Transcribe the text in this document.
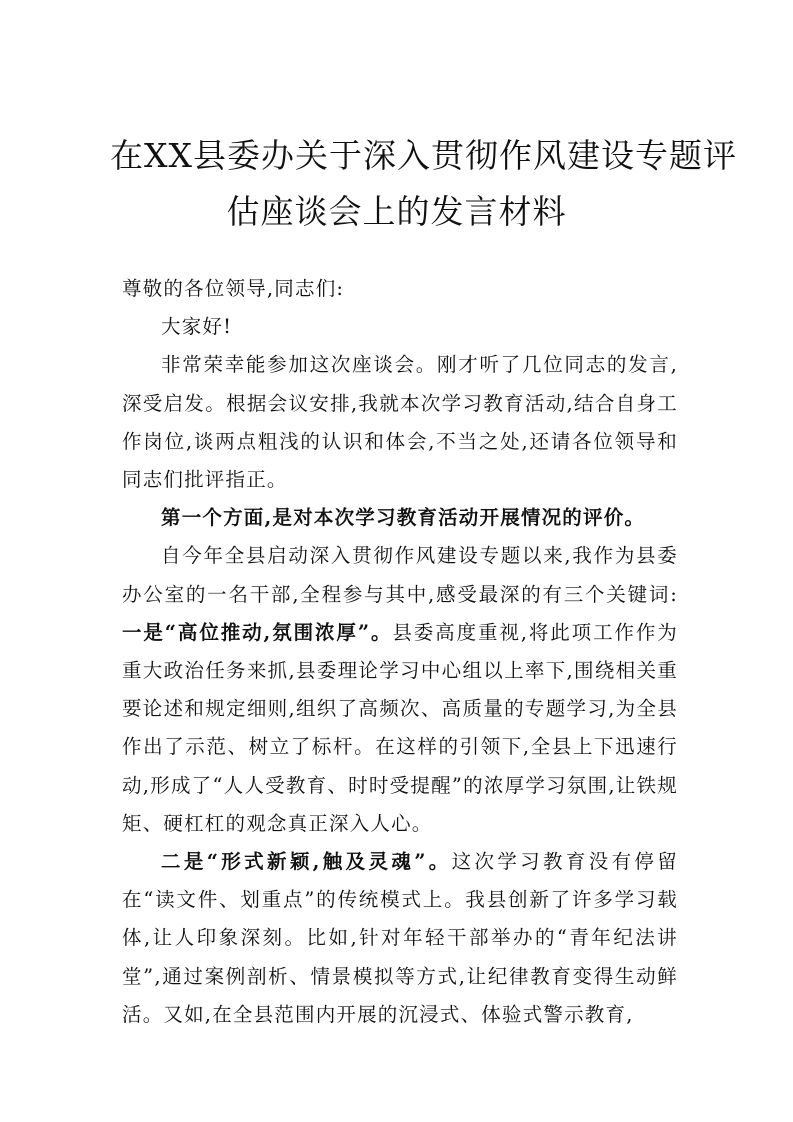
在XX县委办关于深入贯彻作风建设专题评
估座谈会上的发言材料

尊敬的各位领导,同志们:

大家好!

非常荣幸能参加这次座谈会。刚才听了几位同志的发言,深受启发。根据会议安排,我就本次学习教育活动,结合自身工作岗位,谈两点粗浅的认识和体会,不当之处,还请各位领导和同志们批评指正。

第一个方面,是对本次学习教育活动开展情况的评价。

自今年全县启动深入贯彻作风建设专题以来,我作为县委办公室的一名干部,全程参与其中,感受最深的有三个关键词:一是“高位推动,氛围浓厚”。县委高度重视,将此项工作作为重大政治任务来抓,县委理论学习中心组以上率下,围绕相关重要论述和规定细则,组织了高频次、高质量的专题学习,为全县作出了示范、树立了标杆。在这样的引领下,全县上下迅速行动,形成了“人人受教育、时时受提醒”的浓厚学习氛围,让铁规矩、硬杠杠的观念真正深入人心。

二是“形式新颖,触及灵魂”。这次学习教育没有停留在“读文件、划重点”的传统模式上。我县创新了许多学习载体,让人印象深刻。比如,针对年轻干部举办的“青年纪法讲堂”,通过案例剖析、情景模拟等方式,让纪律教育变得生动鲜活。又如,在全县范围内开展的沉浸式、体验式警示教育,
